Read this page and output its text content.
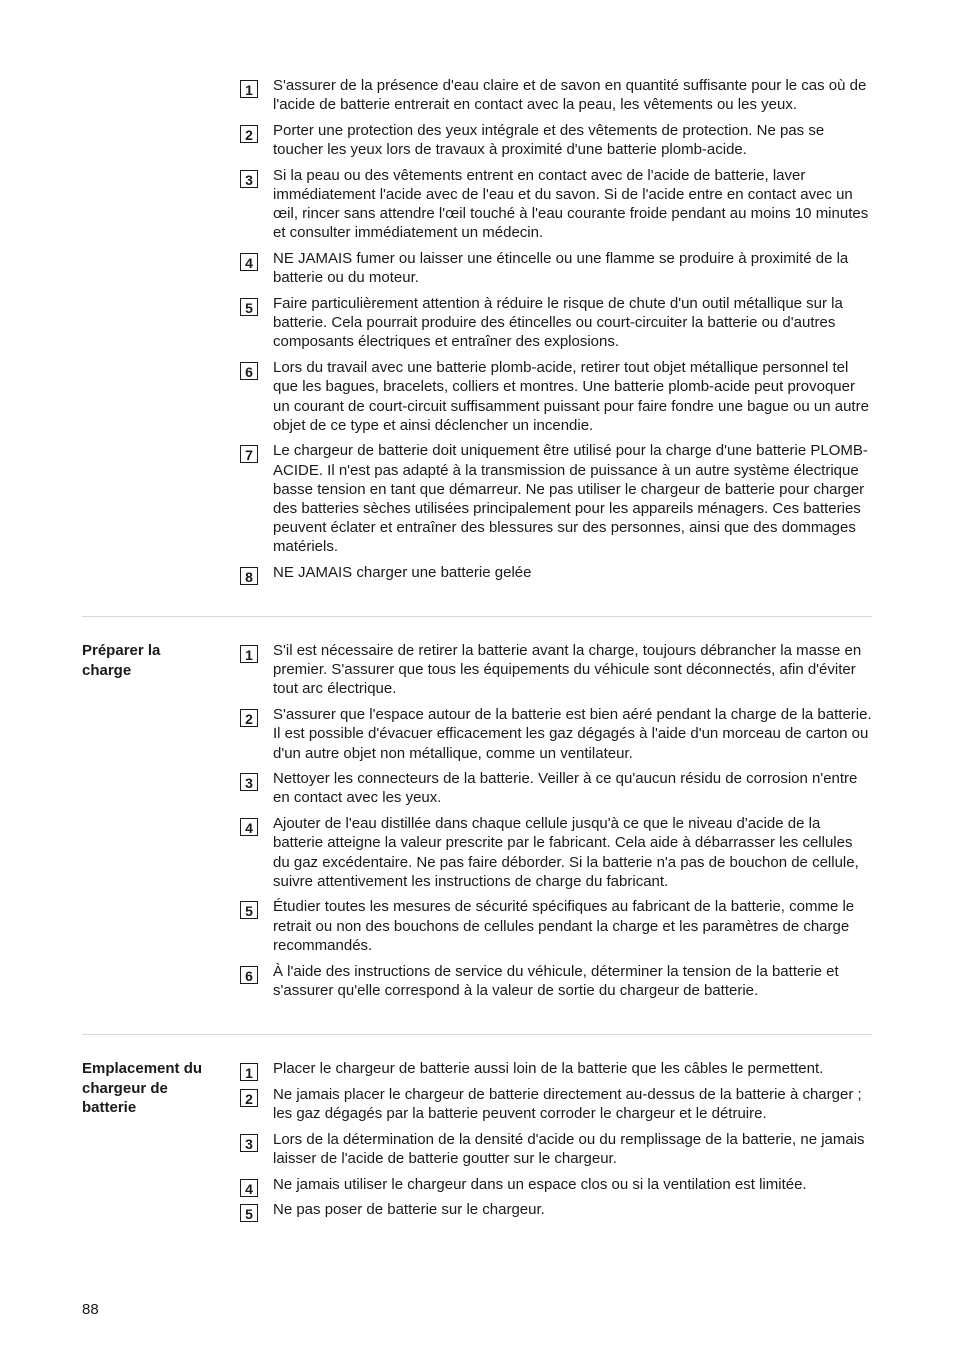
1	S'assurer de la présence d'eau claire et de savon en quantité suffisante pour le cas où de l'acide de batterie entrerait en contact avec la peau, les vêtements ou les yeux.
2	Porter une protection des yeux intégrale et des vêtements de protection. Ne pas se toucher les yeux lors de travaux à proximité d'une batterie plomb-acide.
3	Si la peau ou des vêtements entrent en contact avec de l'acide de batterie, laver immédiatement l'acide avec de l'eau et du savon. Si de l'acide entre en contact avec un œil, rincer sans attendre l'œil touché à l'eau courante froide pendant au moins 10 minutes et consulter immédiatement un médecin.
4	NE JAMAIS fumer ou laisser une étincelle ou une flamme se produire à proximité de la batterie ou du moteur.
5	Faire particulièrement attention à réduire le risque de chute d'un outil métallique sur la batterie. Cela pourrait produire des étincelles ou court-circuiter la batterie ou d'autres composants électriques et entraîner des explosions.
6	Lors du travail avec une batterie plomb-acide, retirer tout objet métallique personnel tel que les bagues, bracelets, colliers et montres. Une batterie plomb-acide peut provoquer un courant de court-circuit suffisamment puissant pour faire fondre une bague ou un autre objet de ce type et ainsi déclencher un incendie.
7	Le chargeur de batterie doit uniquement être utilisé pour la charge d'une batterie PLOMB-ACIDE. Il n'est pas adapté à la transmission de puissance à un autre système électrique basse tension en tant que démarreur. Ne pas utiliser le chargeur de batterie pour charger des batteries sèches utilisées principalement pour les appareils ménagers. Ces batteries peuvent éclater et entraîner des blessures sur des personnes, ainsi que des dommages matériels.
8	NE JAMAIS charger une batterie gelée
Préparer la charge
1	S'il est nécessaire de retirer la batterie avant la charge, toujours débrancher la masse en premier. S'assurer que tous les équipements du véhicule sont déconnectés, afin d'éviter tout arc électrique.
2	S'assurer que l'espace autour de la batterie est bien aéré pendant la charge de la batterie. Il est possible d'évacuer efficacement les gaz dégagés à l'aide d'un morceau de carton ou d'un autre objet non métallique, comme un ventilateur.
3	Nettoyer les connecteurs de la batterie. Veiller à ce qu'aucun résidu de corrosion n'entre en contact avec les yeux.
4	Ajouter de l'eau distillée dans chaque cellule jusqu'à ce que le niveau d'acide de la batterie atteigne la valeur prescrite par le fabricant. Cela aide à débarrasser les cellules du gaz excédentaire. Ne pas faire déborder. Si la batterie n'a pas de bouchon de cellule, suivre attentivement les instructions de charge du fabricant.
5	Étudier toutes les mesures de sécurité spécifiques au fabricant de la batterie, comme le retrait ou non des bouchons de cellules pendant la charge et les paramètres de charge recommandés.
6	À l'aide des instructions de service du véhicule, déterminer la tension de la batterie et s'assurer qu'elle correspond à la valeur de sortie du chargeur de batterie.
Emplacement du chargeur de batterie
1	Placer le chargeur de batterie aussi loin de la batterie que les câbles le permettent.
2	Ne jamais placer le chargeur de batterie directement au-dessus de la batterie à charger ; les gaz dégagés par la batterie peuvent corroder le chargeur et le détruire.
3	Lors de la détermination de la densité d'acide ou du remplissage de la batterie, ne jamais laisser de l'acide de batterie goutter sur le chargeur.
4	Ne jamais utiliser le chargeur dans un espace clos ou si la ventilation est limitée.
5	Ne pas poser de batterie sur le chargeur.
88
